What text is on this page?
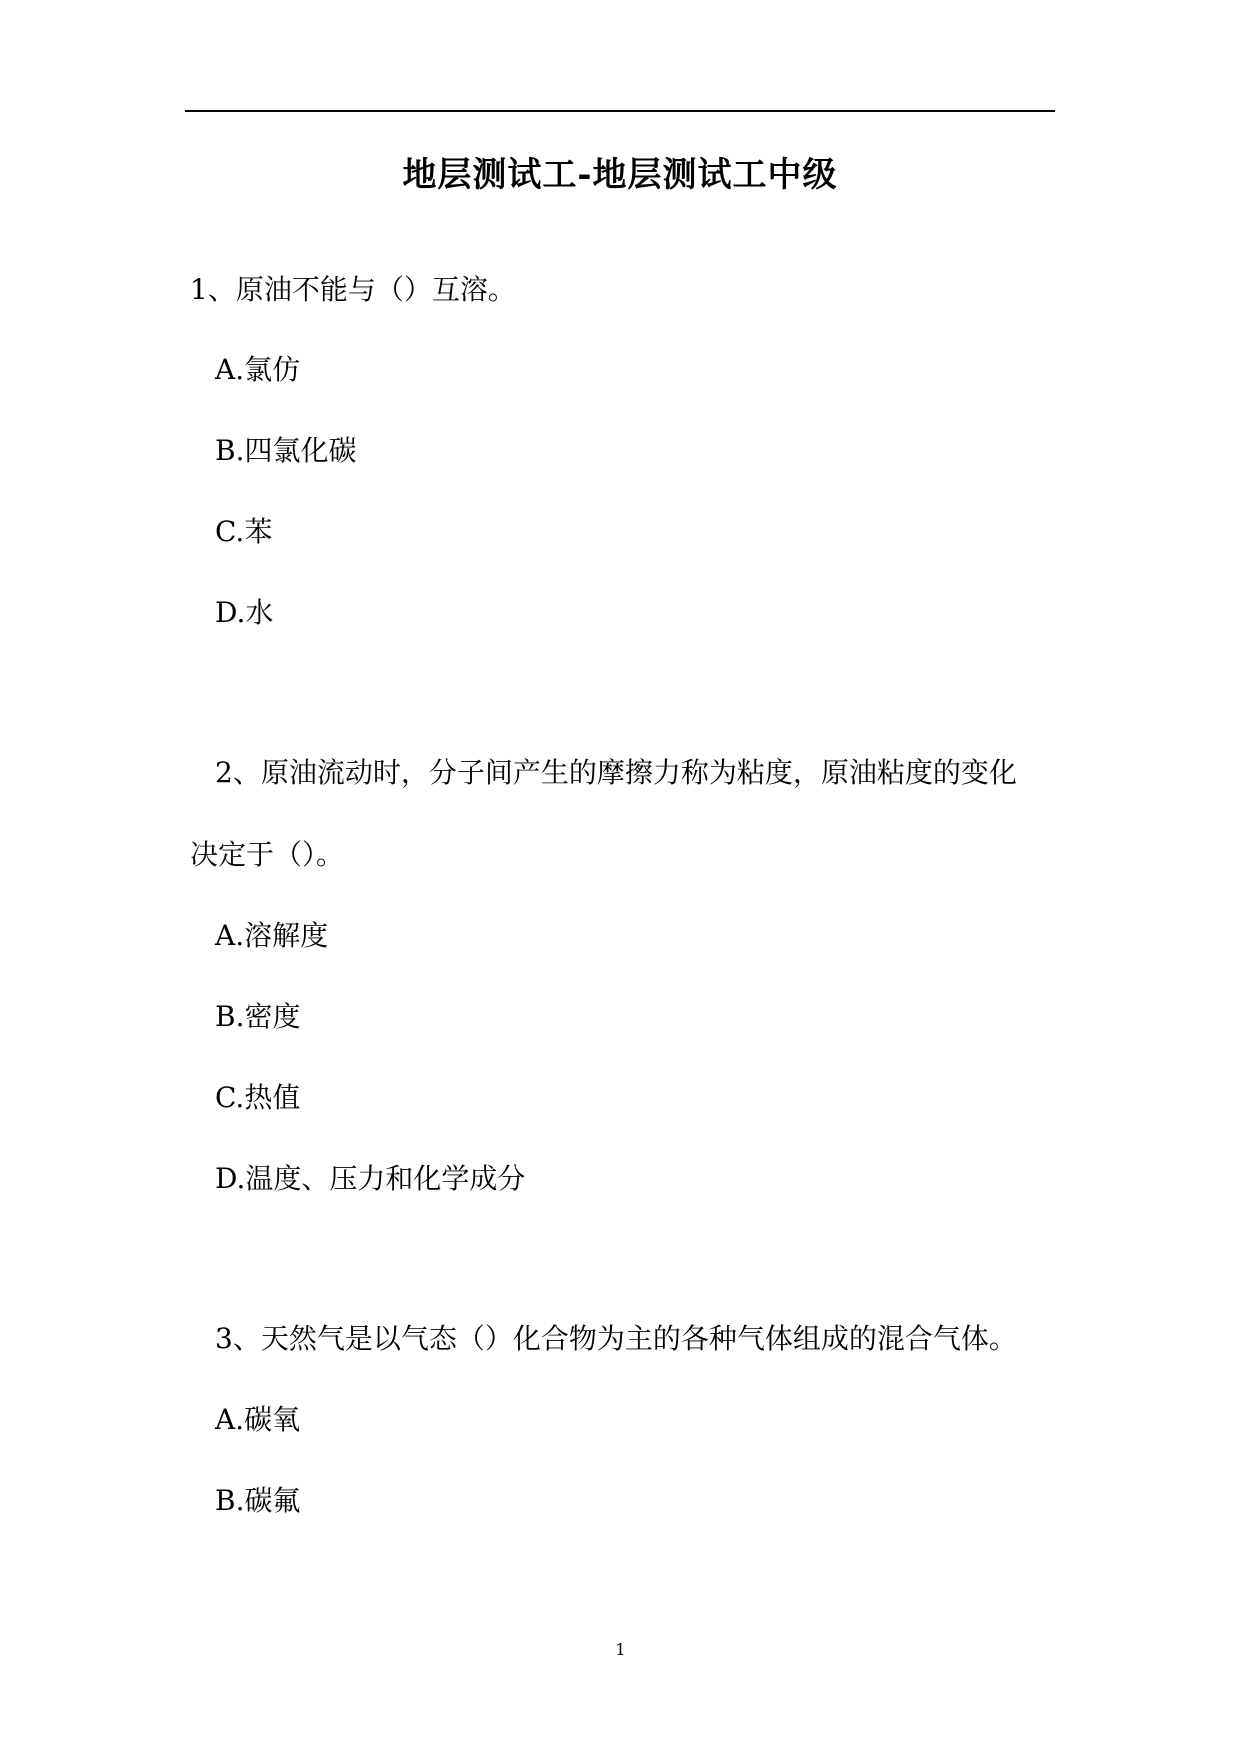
地层测试工-地层测试工中级
1、原油不能与（）互溶。
A.氯仿
B.四氯化碳
C.苯
D.水
2、原油流动时，分子间产生的摩擦力称为粘度，原油粘度的变化
决定于（）。
A.溶解度
B.密度
C.热值
D.温度、压力和化学成分
3、天然气是以气态（）化合物为主的各种气体组成的混合气体。
A.碳氧
B.碳氟
1
